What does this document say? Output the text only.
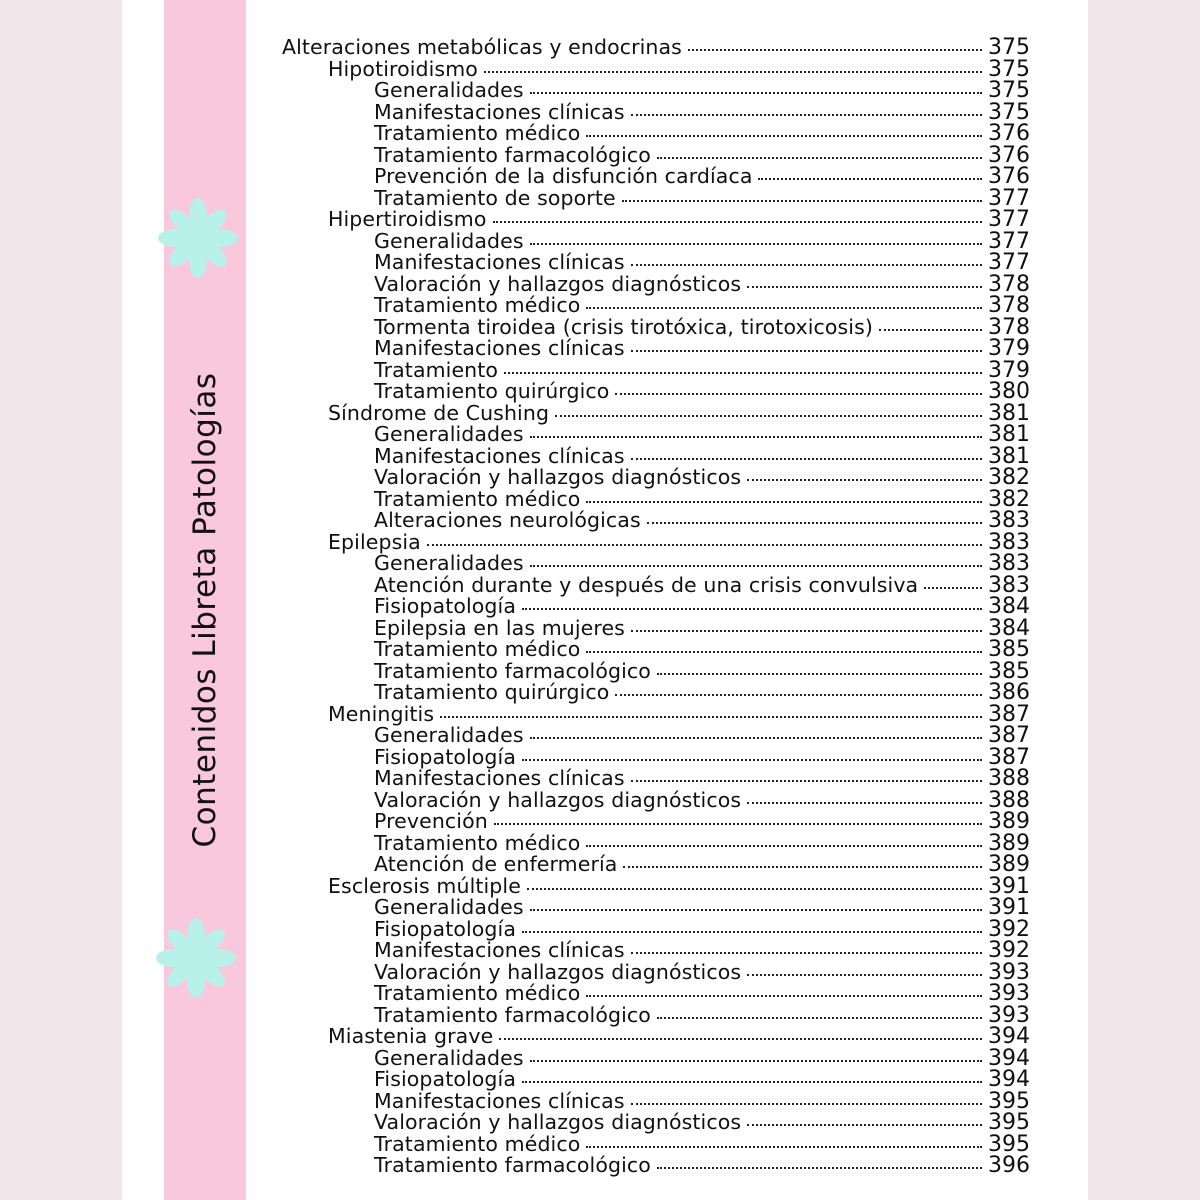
Contenidos Libreta Patologías
Alteraciones metabólicas y endocrinas	375
Hipotiroidismo	375
Generalidades	375
Manifestaciones clínicas	375
Tratamiento médico	376
Tratamiento farmacológico	376
Prevención de la disfunción cardíaca	376
Tratamiento de soporte	377
Hipertiroidismo	377
Generalidades	377
Manifestaciones clínicas	377
Valoración y hallazgos diagnósticos	378
Tratamiento médico	378
Tormenta tiroidea (crisis tirotóxica, tirotoxicosis)	378
Manifestaciones clínicas	379
Tratamiento	379
Tratamiento quirúrgico	380
Síndrome de Cushing	381
Generalidades	381
Manifestaciones clínicas	381
Valoración y hallazgos diagnósticos	382
Tratamiento médico	382
Alteraciones neurológicas	383
Epilepsia	383
Generalidades	383
Atención durante y después de una crisis convulsiva	383
Fisiopatología	384
Epilepsia en las mujeres	384
Tratamiento médico	385
Tratamiento farmacológico	385
Tratamiento quirúrgico	386
Meningitis	387
Generalidades	387
Fisiopatología	387
Manifestaciones clínicas	388
Valoración y hallazgos diagnósticos	388
Prevención	389
Tratamiento médico	389
Atención de enfermería	389
Esclerosis múltiple	391
Generalidades	391
Fisiopatología	392
Manifestaciones clínicas	392
Valoración y hallazgos diagnósticos	393
Tratamiento médico	393
Tratamiento farmacológico	393
Miastenia grave	394
Generalidades	394
Fisiopatología	394
Manifestaciones clínicas	395
Valoración y hallazgos diagnósticos	395
Tratamiento médico	395
Tratamiento farmacológico	396
